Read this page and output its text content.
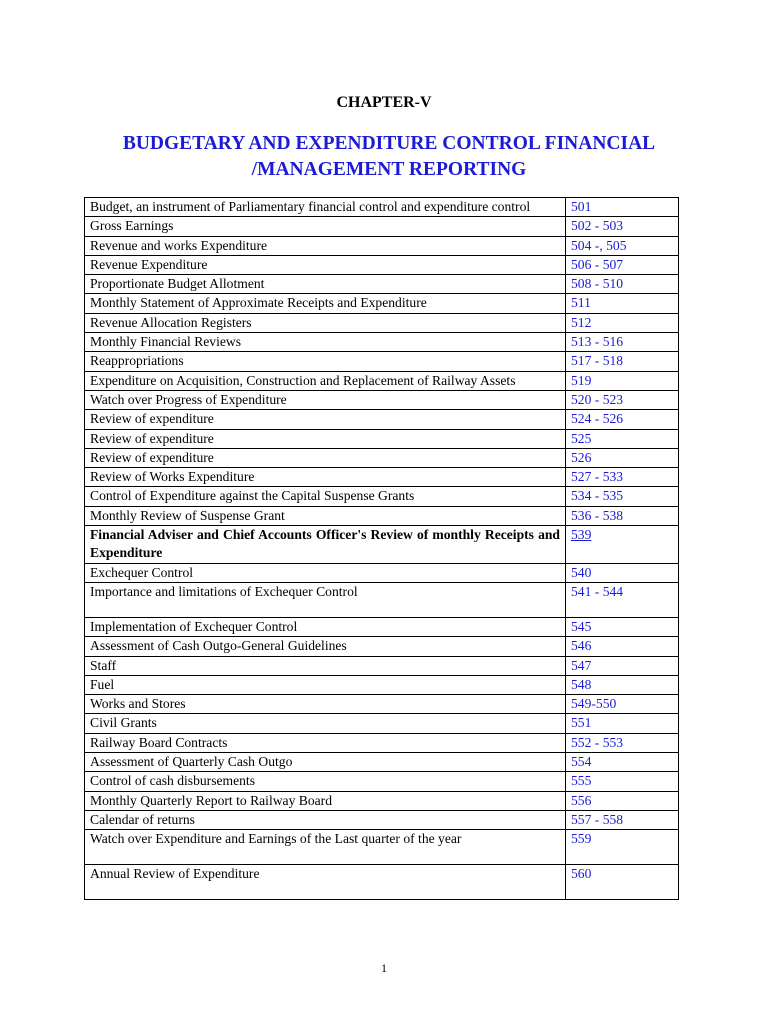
CHAPTER-V
BUDGETARY AND EXPENDITURE CONTROL FINANCIAL
/MANAGEMENT REPORTING
Budget, an instrument of Parliamentary financial control and expenditure control	501
Gross Earnings	502 - 503
Revenue and works Expenditure	504 -, 505
Revenue Expenditure	506 - 507
Proportionate Budget Allotment	508 - 510
Monthly Statement of Approximate Receipts and Expenditure	511
Revenue Allocation Registers	512
Monthly Financial Reviews	513 - 516
Reappropriations	517 - 518
Expenditure on Acquisition, Construction and Replacement of Railway Assets	519
Watch over Progress of Expenditure	520 - 523
Review of expenditure	524 - 526
Review of expenditure	525
Review of expenditure	526
Review of Works Expenditure	527 - 533
Control of Expenditure against the Capital Suspense Grants	534 - 535
Monthly Review of Suspense Grant	536 - 538
Financial Adviser and Chief Accounts Officer's Review of monthly Receipts and Expenditure	539
Exchequer Control	540
Importance and limitations of Exchequer Control	541 - 544
Implementation of Exchequer Control	545
Assessment of Cash Outgo-General Guidelines	546
Staff	547
Fuel	548
Works and Stores	549-550
Civil Grants	551
Railway Board Contracts	552 - 553
Assessment of Quarterly Cash Outgo	554
Control of cash disbursements	555
Monthly Quarterly Report to Railway Board	556
Calendar of returns	557 - 558
Watch over Expenditure and Earnings of the Last quarter of the year	559
Annual Review of Expenditure	560
1
